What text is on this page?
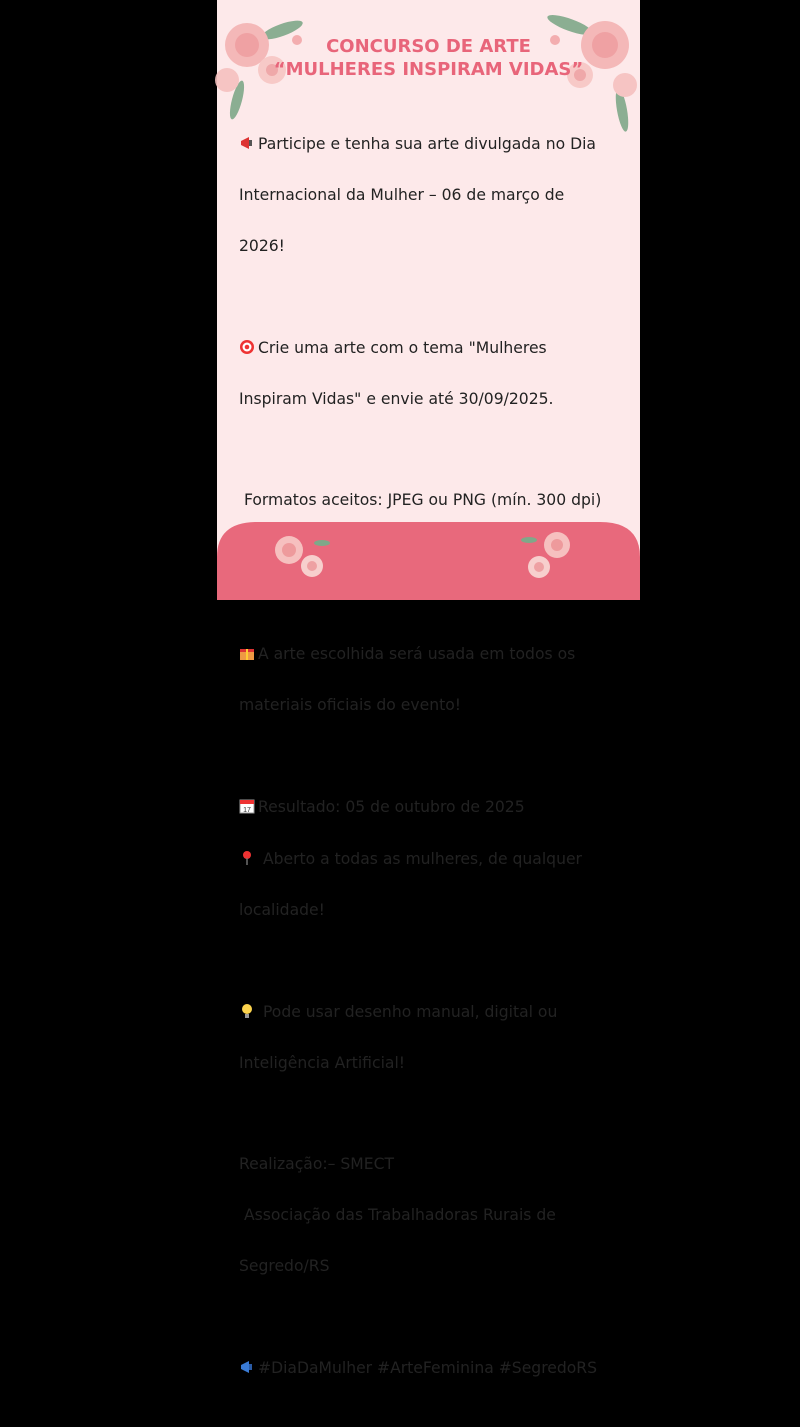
CONCURSO DE ARTE
“MULHERES INSPIRAM VIDAS”

Participe e tenha sua arte divulgada no Dia

Internacional da Mulher – 06 de março de

2026!

Crie uma arte com o tema "Mulheres

Inspiram Vidas" e envie até 30/09/2025.

Formatos aceitos: JPEG ou PNG (mín. 300 dpi)

A arte escolhida será usada em todos os

materiais oficiais do evento!

17 Resultado: 05 de outubro de 2025

Aberto a todas as mulheres, de qualquer

localidade!

Pode usar desenho manual, digital ou

Inteligência Artificial!

Realização:– SMECT

Associação das Trabalhadoras Rurais de

Segredo/RS

#DiaDaMulher #ArteFeminina #SegredoRS
